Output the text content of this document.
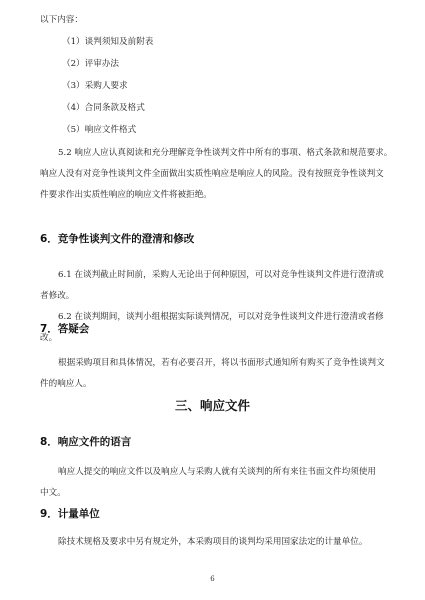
以下内容：
（1）谈判须知及前附表
（2）评审办法
（3）采购人要求
（4）合同条款及格式
（5）响应文件格式
5.2 响应人应认真阅读和充分理解竞争性谈判文件中所有的事项、格式条款和规范要求。
响应人没有对竞争性谈判文件全面做出实质性响应是响应人的风险。没有按照竞争性谈判文
件要求作出实质性响应的响应文件将被拒绝。
6．竞争性谈判文件的澄清和修改
6.1 在谈判截止时间前，采购人无论出于何种原因，可以对竞争性谈判文件进行澄清或
者修改。
6.2 在谈判期间，谈判小组根据实际谈判情况，可以对竞争性谈判文件进行澄清或者修
改。
7．答疑会
根据采购项目和具体情况，若有必要召开，将以书面形式通知所有购买了竞争性谈判文
件的响应人。
三、响应文件
8．响应文件的语言
响应人提交的响应文件以及响应人与采购人就有关谈判的所有来往书面文件均须使用
中文。
9．计量单位
除技术规格及要求中另有规定外，本采购项目的谈判均采用国家法定的计量单位。
6
